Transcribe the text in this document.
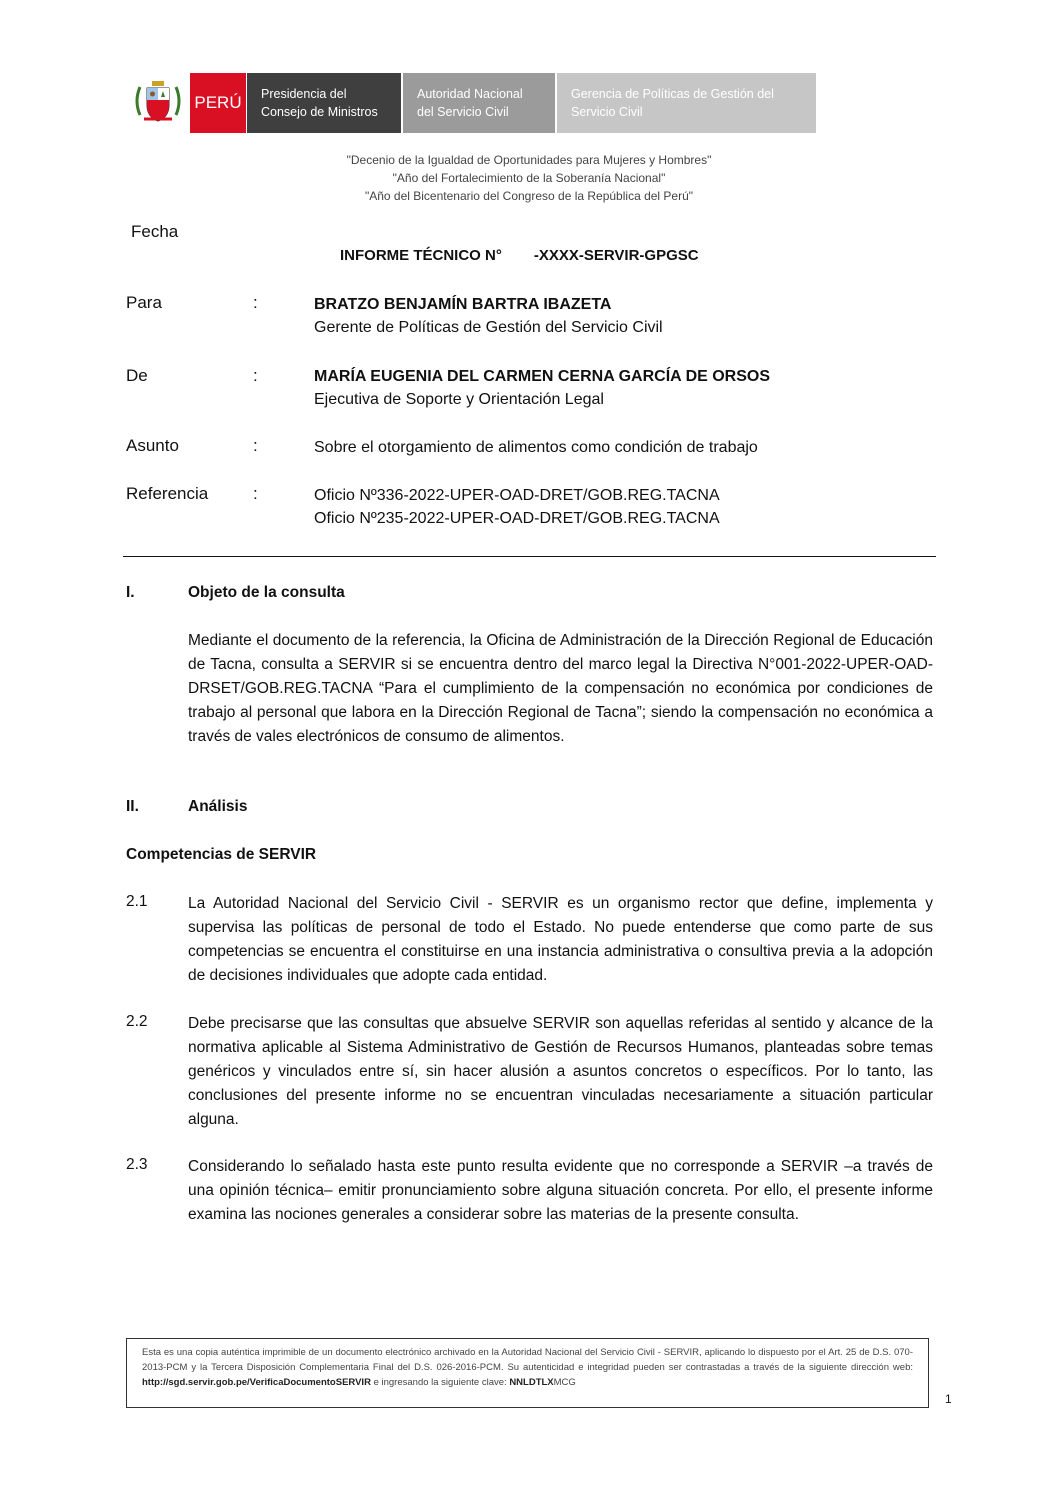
PERÚ Presidencia del
Consejo de Ministros
Autoridad Nacional
del Servicio Civil
Gerencia de Políticas de Gestión del
Servicio Civil
"Decenio de la Igualdad de Oportunidades para Mujeres y Hombres"
"Año del Fortalecimiento de la Soberanía Nacional"
"Año del Bicentenario del Congreso de la República del Perú"
Fecha
INFORME TÉCNICO N° -XXXX-SERVIR-GPGSC
Para	:	BRATZO BENJAMÍN BARTRA IBAZETA
Gerente de Políticas de Gestión del Servicio Civil
De	:	MARÍA EUGENIA DEL CARMEN CERNA GARCÍA DE ORSOS
Ejecutiva de Soporte y Orientación Legal
Asunto	:	Sobre el otorgamiento de alimentos como condición de trabajo
Referencia	:	Oficio Nº336-2022-UPER-OAD-DRET/GOB.REG.TACNA
Oficio Nº235-2022-UPER-OAD-DRET/GOB.REG.TACNA
I.	Objeto de la consulta

Mediante el documento de la referencia, la Oficina de Administración de la Dirección Regional de Educación de Tacna, consulta a SERVIR si se encuentra dentro del marco legal la Directiva N°001-2022-UPER-OAD-DRSET/GOB.REG.TACNA “Para el cumplimiento de la compensación no económica por condiciones de trabajo al personal que labora en la Dirección Regional de Tacna”; siendo la compensación no económica a través de vales electrónicos de consumo de alimentos.

II.	Análisis
Competencias de SERVIR
2.1	La Autoridad Nacional del Servicio Civil - SERVIR es un organismo rector que define, implementa y supervisa las políticas de personal de todo el Estado. No puede entenderse que como parte de sus competencias se encuentra el constituirse en una instancia administrativa o consultiva previa a la adopción de decisiones individuales que adopte cada entidad.

2.2	Debe precisarse que las consultas que absuelve SERVIR son aquellas referidas al sentido y alcance de la normativa aplicable al Sistema Administrativo de Gestión de Recursos Humanos, planteadas sobre temas genéricos y vinculados entre sí, sin hacer alusión a asuntos concretos o específicos. Por lo tanto, las conclusiones del presente informe no se encuentran vinculadas necesariamente a situación particular alguna.

2.3	Considerando lo señalado hasta este punto resulta evidente que no corresponde a SERVIR –a través de una opinión técnica– emitir pronunciamiento sobre alguna situación concreta. Por ello, el presente informe examina las nociones generales a considerar sobre las materias de la presente consulta.

Esta es una copia auténtica imprimible de un documento electrónico archivado en la Autoridad Nacional del Servicio Civil - SERVIR, aplicando lo dispuesto por el Art. 25 de D.S. 070-2013-PCM y la Tercera Disposición Complementaria Final del D.S. 026-2016-PCM. Su autenticidad e integridad pueden ser contrastadas a través de la siguiente dirección web: http://sgd.servir.gob.pe/VerificaDocumentoSERVIR e ingresando la siguiente clave: NNLDTLXMCG
1
